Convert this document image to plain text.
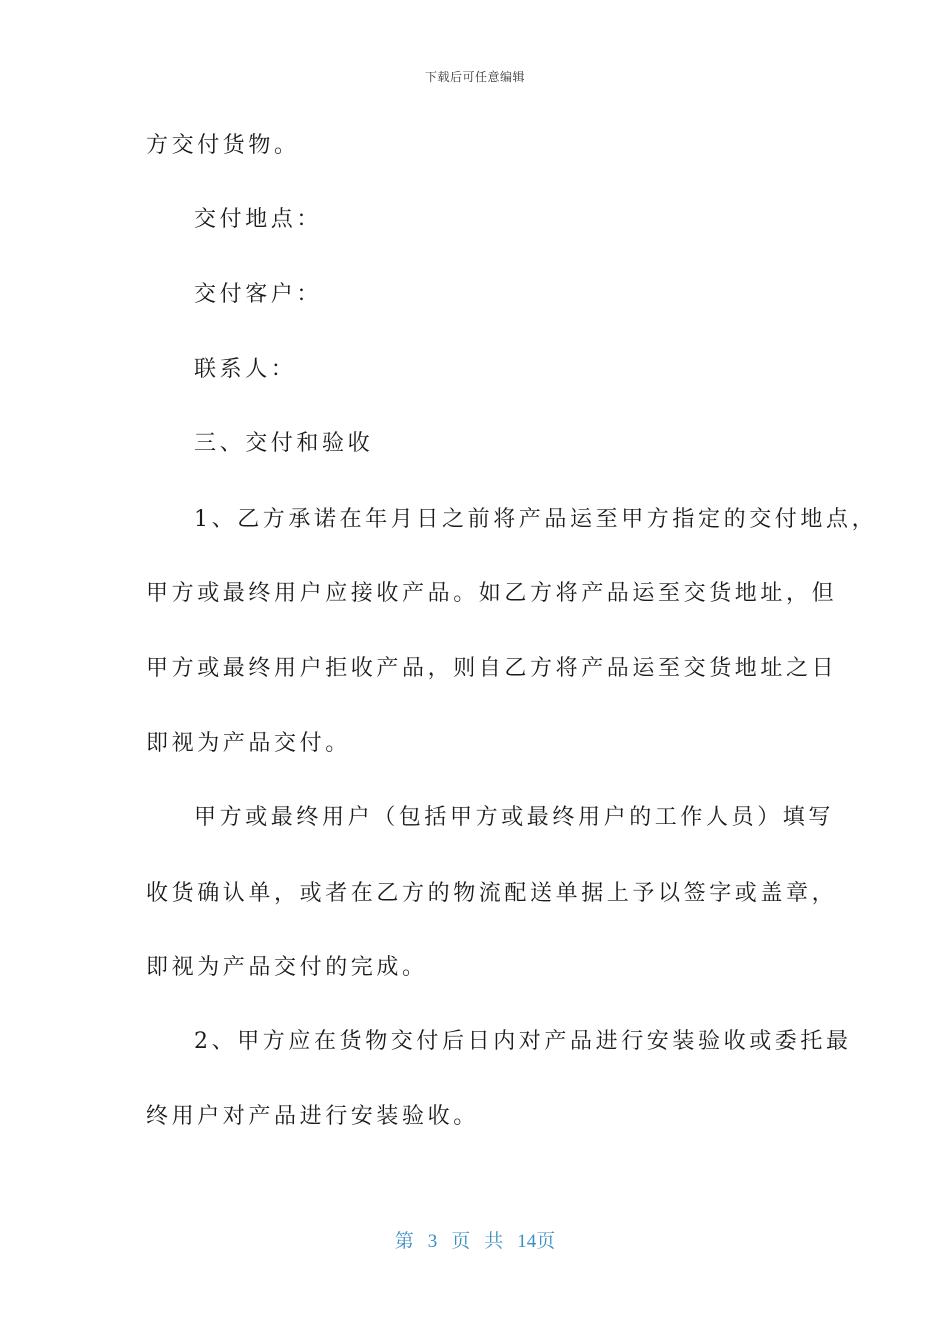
下载后可任意编辑
方交付货物。
交付地点：
交付客户：
联系人：
三、交付和验收
1、乙方承诺在年月日之前将产品运至甲方指定的交付地点，
甲方或最终用户应接收产品。如乙方将产品运至交货地址，但
甲方或最终用户拒收产品，则自乙方将产品运至交货地址之日
即视为产品交付。
甲方或最终用户（包括甲方或最终用户的工作人员）填写
收货确认单，或者在乙方的物流配送单据上予以签字或盖章，
即视为产品交付的完成。
2、甲方应在货物交付后日内对产品进行安装验收或委托最
终用户对产品进行安装验收。
第 3 页 共 14页
